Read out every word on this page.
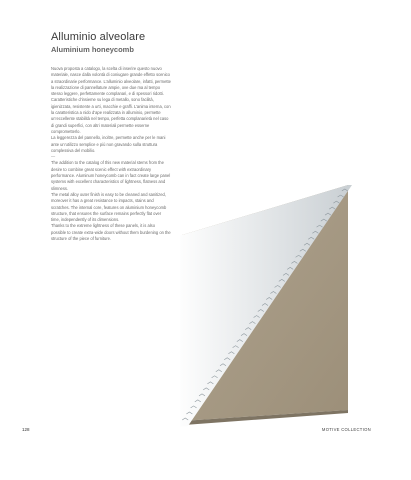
Alluminio alveolare
Aluminium honeycomb

Nuova proposta a catalogo, la scelta di inserire questo nuovo materiale, nasce dalla volontà di coniugare grande effetto scenico a straordinarie performance. L’alluminio alveolare, infatti, permette la realizzazione di pannellature ampie, ove due ma al tempo stesso leggere, perfettamente complanari, e di spessori ridotti.

Caratteristiche d’insieme su lega di metallo, sono facilità, igienizzata, resistente a urti, macchie e graffi. L’anima interna, con la caratteristica a nido d’ape realizzata in alluminio, permette un’eccellente stabilità nel tempo, perfetta complanarietà nel caso di grandi superfici, con altri materiali permette esserne comprometterlo.

La leggerezza del pannello, inoltre, permette anche per le mani ante un’utilizzo semplice e più non gravando sulla struttura complessiva del mobilio.

—

The addition to the catalog of this new material stems from the desire to combine great scenic effect with extraordinary performance. Aluminum honeycomb can in fact create large panel systems with excellent characteristics of lightness, flatness and slimness.

The metal alloy outer finish is easy to be cleaned and sanitized, moreover it has a great resistance to impacts, stains and scratches. The internal core, features on aluminium honeycomb structure, that ensures the surface remains perfectly flat over time, independently of its dimensions.

Thanks to the extreme lightness of these panels, it is also possible to create extra-wide doors without them burdening on the structure of the piece of furniture.

128	MOTIVE COLLECTION
